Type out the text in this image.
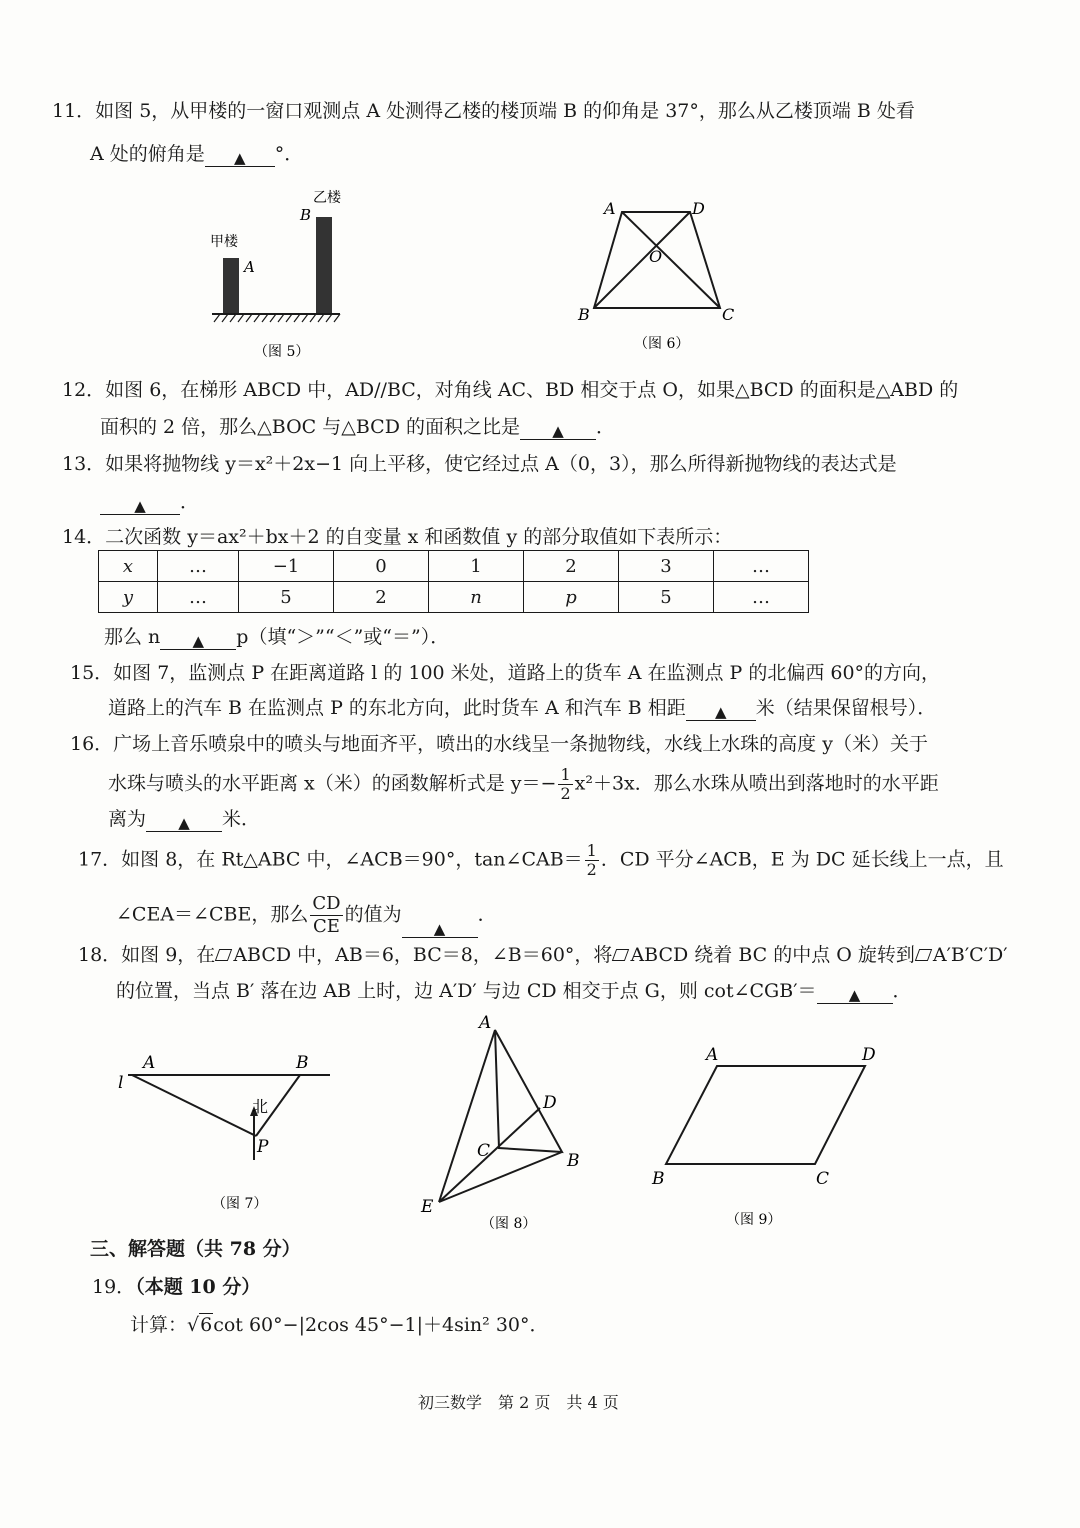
11．如图 5，从甲楼的一窗口观测点 A 处测得乙楼的楼顶端 B 的仰角是 37°，那么从乙楼顶端 B 处看
A 处的俯角是 ▲ °．
甲楼
乙楼
A
B
（图 5）
A	D
B	C
O
（图 6）
12．如图 6，在梯形 ABCD 中，AD//BC，对角线 AC、BD 相交于点 O，如果△BCD 的面积是△ABD 的
面积的 2 倍，那么△BOC 与△BCD 的面积之比是 ▲ ．
13．如果将抛物线 y＝x²＋2x−1 向上平移，使它经过点 A（0，3），那么所得新抛物线的表达式是
▲ ．
14．二次函数 y＝ax²＋bx＋2 的自变量 x 和函数值 y 的部分取值如下表所示：
x	…	−1	0	1	2	3	…
y	…	5	2	n	p	5	…
那么 n ▲ p（填“＞”“＜”或“＝”）．
15．如图 7，监测点 P 在距离道路 l 的 100 米处，道路上的货车 A 在监测点 P 的北偏西 60°的方向，
道路上的汽车 B 在监测点 P 的东北方向，此时货车 A 和汽车 B 相距 ▲ 米（结果保留根号）．
16．广场上音乐喷泉中的喷头与地面齐平，喷出的水线呈一条抛物线，水线上水珠的高度 y（米）关于
水珠与喷头的水平距离 x（米）的函数解析式是 $y=- \frac{1}{2} x^2+3x$．那么水珠从喷出到落地时的水平距
离为 ▲ 米．
17．如图 8，在 Rt△ABC 中，∠ACB＝90°，tan∠CAB＝ $\frac{1}{2}$ ．CD 平分∠ACB，E 为 DC 延长线上一点，且
∠CEA＝∠CBE，那么 $\frac{CD}{CE}$ 的值为▲．
18．如图 9，在 ABCD 中，AB＝6，BC＝8，∠B＝60°，将 ABCD 绕着 BC 的中点 O 旋转到 A′B′C′D′
的位置，当点 B′ 落在边 AB 上时，边 A′D′ 与边 CD 相交于点 G，则 cot∠CGB′＝ ▲ ．
l
A	B
P
北
（图 7）
A
B
C
D
E
（图 8）
A	D
B	C
（图 9）
三、解答题（共 78 分）
19．（本题 10 分）
计算：√6cot 60°−|2cos 45°−1|＋4sin² 30°．
初三数学　第 2 页　共 4 页
